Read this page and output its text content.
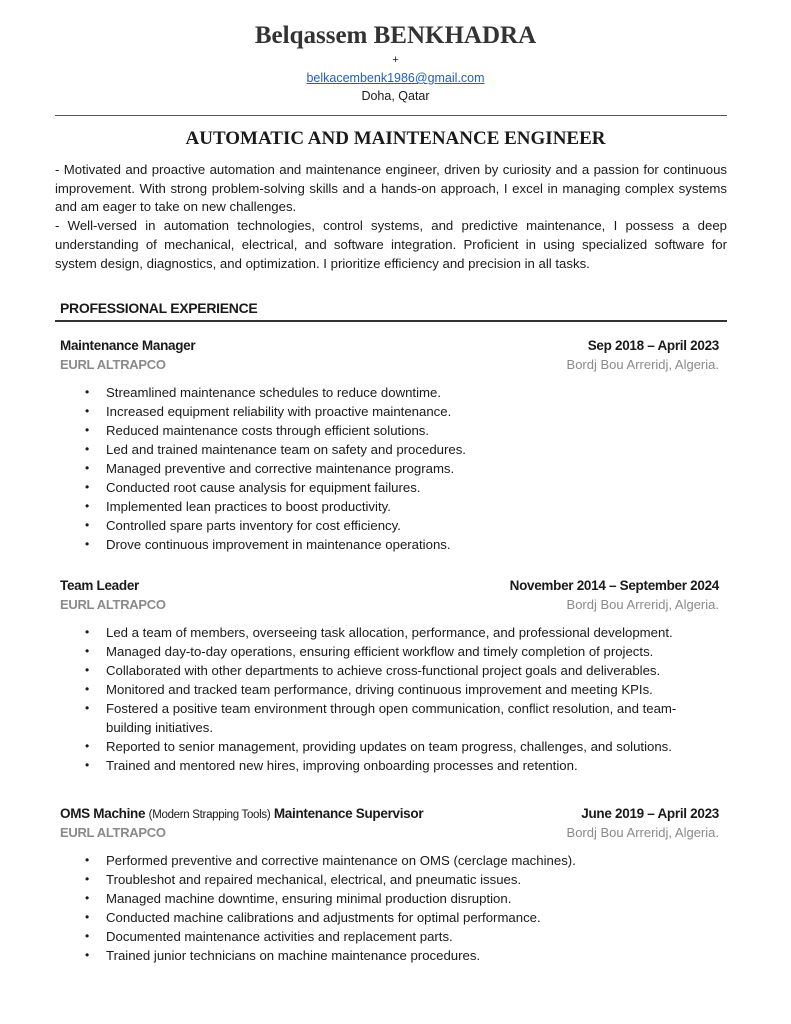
Belqassem BENKHADRA
+
belkacembenk1986@gmail.com
Doha, Qatar
AUTOMATIC AND MAINTENANCE ENGINEER

- Motivated and proactive automation and maintenance engineer, driven by curiosity and a passion for continuous improvement. With strong problem-solving skills and a hands-on approach, I excel in managing complex systems and am eager to take on new challenges.

- Well-versed in automation technologies, control systems, and predictive maintenance, I possess a deep understanding of mechanical, electrical, and software integration. Proficient in using specialized software for system design, diagnostics, and optimization. I prioritize efficiency and precision in all tasks.

PROFESSIONAL EXPERIENCE
Maintenance Manager	Sep 2018 – April 2023
EURL ALTRAPCO	Bordj Bou Arreridj, Algeria.
• Streamlined maintenance schedules to reduce downtime.
• Increased equipment reliability with proactive maintenance.
• Reduced maintenance costs through efficient solutions.
• Led and trained maintenance team on safety and procedures.
• Managed preventive and corrective maintenance programs.
• Conducted root cause analysis for equipment failures.
• Implemented lean practices to boost productivity.
• Controlled spare parts inventory for cost efficiency.
• Drove continuous improvement in maintenance operations.
Team Leader	November 2014 – September 2024
EURL ALTRAPCO	Bordj Bou Arreridj, Algeria.
• Led a team of members, overseeing task allocation, performance, and professional development.
• Managed day-to-day operations, ensuring efficient workflow and timely completion of projects.
• Collaborated with other departments to achieve cross-functional project goals and deliverables.
• Monitored and tracked team performance, driving continuous improvement and meeting KPIs.
• Fostered a positive team environment through open communication, conflict resolution, and team-building initiatives.
• Reported to senior management, providing updates on team progress, challenges, and solutions.
• Trained and mentored new hires, improving onboarding processes and retention.
OMS Machine (Modern Strapping Tools) Maintenance Supervisor	June 2019 – April 2023
EURL ALTRAPCO	Bordj Bou Arreridj, Algeria.
• Performed preventive and corrective maintenance on OMS (cerclage machines).
• Troubleshot and repaired mechanical, electrical, and pneumatic issues.
• Managed machine downtime, ensuring minimal production disruption.
• Conducted machine calibrations and adjustments for optimal performance.
• Documented maintenance activities and replacement parts.
• Trained junior technicians on machine maintenance procedures.
